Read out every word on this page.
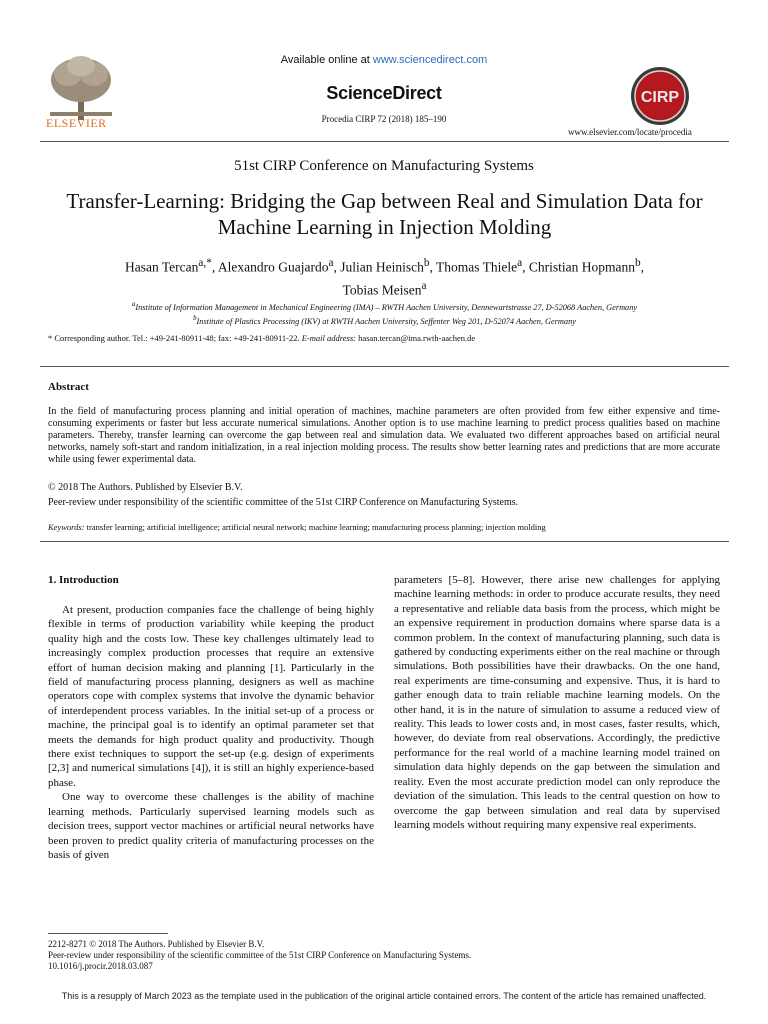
ELSEVIER
Available online at www.sciencedirect.com
ScienceDirect
Procedia CIRP 72 (2018) 185–190
CIRP
www.elsevier.com/locate/procedia
51st CIRP Conference on Manufacturing Systems
Transfer-Learning: Bridging the Gap between Real and Simulation Data for Machine Learning in Injection Molding
Hasan Tercan$^{a,*}$, Alexandro Guajardo$^a$, Julian Heinisch$^b$, Thomas Thiele$^a$, Christian Hopmann$^b$,
Tobias Meisen$^a$
$^a$Institute of Information Management in Mechanical Engineering (IMA) – RWTH Aachen University, Dennewartstrasse 27, D-52068 Aachen, Germany
$^b$Institute of Plastics Processing (IKV) at RWTH Aachen University, Seffenter Weg 201, D-52074 Aachen, Germany
* Corresponding author. Tel.: +49-241-80911-48; fax: +49-241-80911-22. E-mail address: hasan.tercan@ima.rwth-aachen.de
Abstract
In the field of manufacturing process planning and initial operation of machines, machine parameters are often provided from few either expensive and time-consuming experiments or faster but less accurate numerical simulations. Another option is to use machine learning to predict process qualities based on machine parameters. Thereby, transfer learning can overcome the gap between real and simulation data. We evaluated two different approaches based on artificial neural networks, namely soft-start and random initialization, in a real injection molding process. The results show better learning rates and predictions that are more accurate while using fewer experimental data.
© 2018 The Authors. Published by Elsevier B.V.
Peer-review under responsibility of the scientific committee of the 51st CIRP Conference on Manufacturing Systems.
Keywords: transfer learning; artificial intelligence; artificial neural network; machine learning; manufacturing process planning; injection molding
1. Introduction

At present, production companies face the challenge of being highly flexible in terms of production variability while keeping the product quality high and the costs low. These key challenges ultimately lead to increasingly complex production processes that require an extensive effort of human decision making and planning [1]. Particularly in the field of manufacturing process planning, designers as well as machine operators cope with complex systems that involve the dynamic behavior of interdependent process variables. In the initial set-up of a process or machine, the principal goal is to identify an optimal parameter set that meets the demands for high product quality and productivity. Though there exist techniques to support the set-up (e.g. design of experiments [2,3] and numerical simulations [4]), it is still an highly experience-based phase.

One way to overcome these challenges is the ability of machine learning methods. Particularly supervised learning models such as decision trees, support vector machines or artificial neural networks have been proven to predict quality criteria of manufacturing processes on the basis of given

parameters [5–8]. However, there arise new challenges for applying machine learning methods: in order to produce accurate results, they need a representative and reliable data basis from the process, which might be an expensive requirement in production domains where sparse data is a common problem. In the context of manufacturing planning, such data is gathered by conducting experiments either on the real machine or through simulations. Both possibilities have their drawbacks. On the one hand, real experiments are time-consuming and expensive. Thus, it is hard to gather enough data to train reliable machine learning models. On the other hand, it is in the nature of simulation to assume a reduced view of reality. This leads to lower costs and, in most cases, faster results, which, however, do deviate from real observations. Accordingly, the predictive performance for the real world of a machine learning model trained on simulation data highly depends on the gap between the simulation and reality. Even the most accurate prediction model can only reproduce the deviation of the simulation. This leads to the central question on how to overcome the gap between simulation and real data by supervised learning models without requiring many expensive real experiments.

2212-8271 © 2018 The Authors. Published by Elsevier B.V.
Peer-review under responsibility of the scientific committee of the 51st CIRP Conference on Manufacturing Systems.
10.1016/j.procir.2018.03.087
This is a resupply of March 2023 as the template used in the publication of the original article contained errors. The content of the article has remained unaffected.
